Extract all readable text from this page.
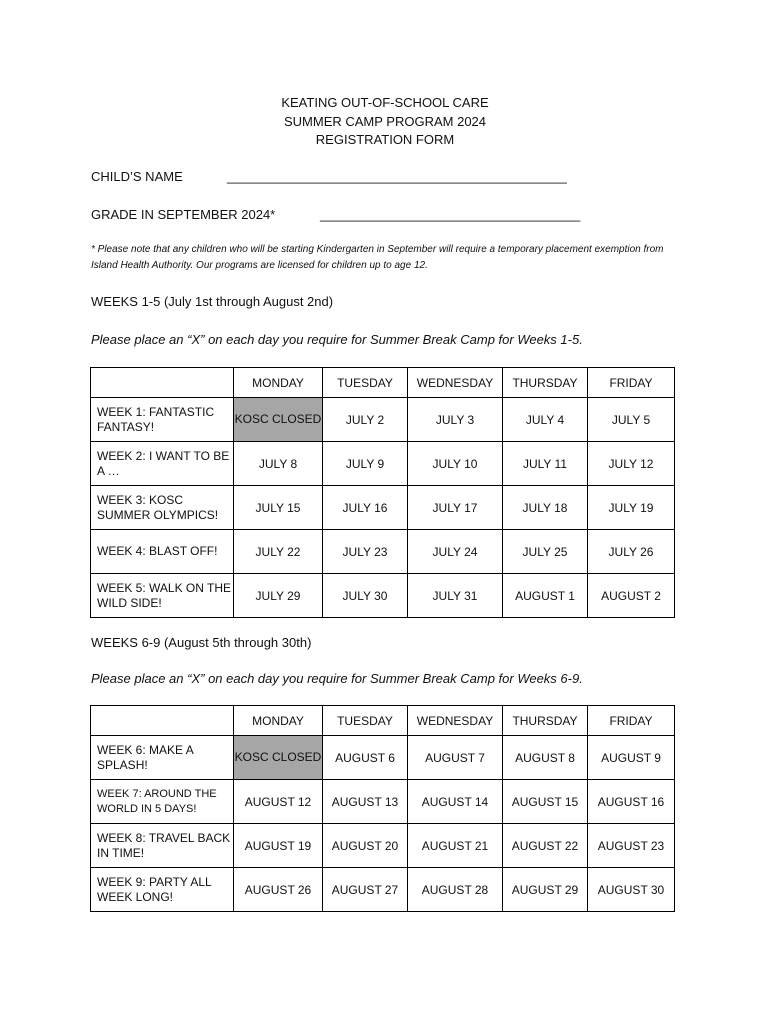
KEATING OUT-OF-SCHOOL CARE
SUMMER CAMP PROGRAM 2024
REGISTRATION FORM
CHILD’S NAME	_______________________________________________
GRADE IN SEPTEMBER 2024*	____________________________________
* Please note that any children who will be starting Kindergarten in September will require a temporary placement exemption from Island Health Authority. Our programs are licensed for children up to age 12.
WEEKS 1-5 (July 1st through August 2nd)
Please place an “X” on each day you require for Summer Break Camp for Weeks 1-5.
	MONDAY	TUESDAY	WEDNESDAY	THURSDAY	FRIDAY
WEEK 1: FANTASTIC FANTASY!	KOSC CLOSED	JULY 2	JULY 3	JULY 4	JULY 5
WEEK 2: I WANT TO BE A …	JULY 8	JULY 9	JULY 10	JULY 11	JULY 12
WEEK 3: KOSC SUMMER OLYMPICS!	JULY 15	JULY 16	JULY 17	JULY 18	JULY 19
WEEK 4: BLAST OFF!	JULY 22	JULY 23	JULY 24	JULY 25	JULY 26
WEEK 5: WALK ON THE WILD SIDE!	JULY 29	JULY 30	JULY 31	AUGUST 1	AUGUST 2
WEEKS 6-9 (August 5th through 30th)
Please place an “X” on each day you require for Summer Break Camp for Weeks 6-9.
	MONDAY	TUESDAY	WEDNESDAY	THURSDAY	FRIDAY
WEEK 6: MAKE A SPLASH!	KOSC CLOSED	AUGUST 6	AUGUST 7	AUGUST 8	AUGUST 9
WEEK 7: AROUND THE WORLD IN 5 DAYS!	AUGUST 12	AUGUST 13	AUGUST 14	AUGUST 15	AUGUST 16
WEEK 8: TRAVEL BACK IN TIME!	AUGUST 19	AUGUST 20	AUGUST 21	AUGUST 22	AUGUST 23
WEEK 9: PARTY ALL WEEK LONG!	AUGUST 26	AUGUST 27	AUGUST 28	AUGUST 29	AUGUST 30
